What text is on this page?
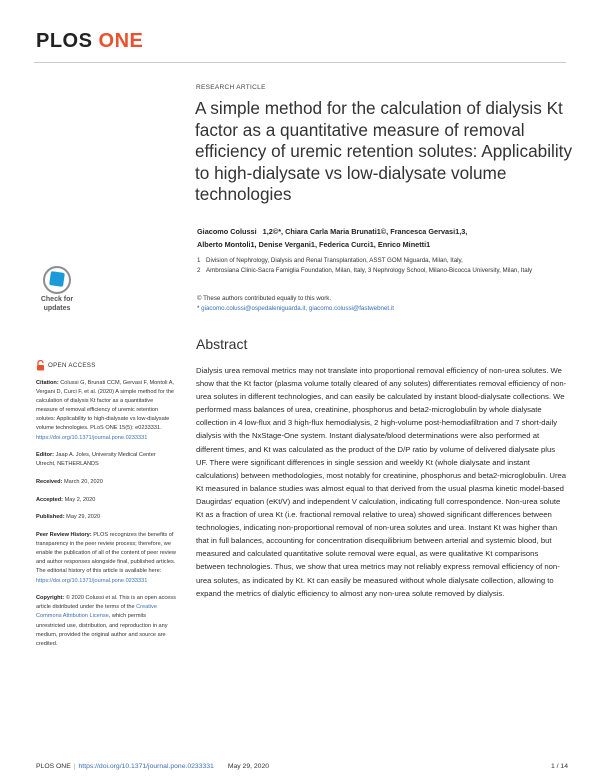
PLOS ONE
RESEARCH ARTICLE
A simple method for the calculation of dialysis Kt factor as a quantitative measure of removal efficiency of uremic retention solutes: Applicability to high-dialysate vs low-dialysate volume technologies
Giacomo Colussi   1,2©*, Chiara Carla Maria Brunati1©, Francesca Gervasi1,3,
Alberto Montoli1, Denise Vergani1, Federica Curci1, Enrico Minetti1
1 Division of Nephrology, Dialysis and Renal Transplantation, ASST GOM Niguarda, Milan, Italy,
2 Ambrosiana Clinic-Sacra Famiglia Foundation, Milan, Italy, 3 Nephrology School, Milano-Bicocca University, Milan, Italy
© These authors contributed equally to this work.
* giacomo.colussi@ospedaleniguarda.it, giacomo.colussi@fastwebnet.it
Check for
updates
OPEN ACCESS

Citation: Colussi G, Brunati CCM, Gervasi F, Montoli A, Vergani D, Curci F, et al. (2020) A simple method for the calculation of dialysis Kt factor as a quantitative measure of removal efficiency of uremic retention solutes: Applicability to high-dialysate vs low-dialysate volume technologies. PLoS ONE 15(5): e0233331. https://doi.org/10.1371/journal.pone.0233331

Editor: Jaap A. Joles, University Medical Center Utrecht, NETHERLANDS

Received: March 20, 2020

Accepted: May 2, 2020

Published: May 29, 2020

Peer Review History: PLOS recognizes the benefits of transparency in the peer review process; therefore, we enable the publication of all of the content of peer review and author responses alongside final, published articles. The editorial history of this article is available here: https://doi.org/10.1371/journal.pone.0233331

Copyright: © 2020 Colussi et al. This is an open access article distributed under the terms of the Creative Commons Attribution License, which permits unrestricted use, distribution, and reproduction in any medium, provided the original author and source are credited.

Abstract
Dialysis urea removal metrics may not translate into proportional removal efficiency of non-urea solutes. We show that the Kt factor (plasma volume totally cleared of any solutes) differentiates removal efficiency of non-urea solutes in different technologies, and can easily be calculated by instant blood-dialysate collections. We performed mass balances of urea, creatinine, phosphorus and beta2-microglobulin by whole dialysate collection in 4 low-flux and 3 high-flux hemodialysis, 2 high-volume post-hemodiafiltration and 7 short-daily dialysis with the NxStage-One system. Instant dialysate/blood determinations were also performed at different times, and Kt was calculated as the product of the D/P ratio by volume of delivered dialysate plus UF. There were significant differences in single session and weekly Kt (whole dialysate and instant calculations) between methodologies, most notably for creatinine, phosphorus and beta2-microglobulin. Urea Kt measured in balance studies was almost equal to that derived from the usual plasma kinetic model-based Daugirdas' equation (eKt/V) and independent V calculation, indicating full correspondence. Non-urea solute Kt as a fraction of urea Kt (i.e. fractional removal relative to urea) showed significant differences between technologies, indicating non-proportional removal of non-urea solutes and urea. Instant Kt was higher than that in full balances, accounting for concentration disequilibrium between arterial and systemic blood, but measured and calculated quantitative solute removal were equal, as were qualitative Kt comparisons between technologies. Thus, we show that urea metrics may not reliably express removal efficiency of non-urea solutes, as indicated by Kt. Kt can easily be measured without whole dialysate collection, allowing to expand the metrics of dialytic efficiency to almost any non-urea solute removed by dialysis.
PLOS ONE | https://doi.org/10.1371/journal.pone.0233331 May 29, 2020	1 / 14
